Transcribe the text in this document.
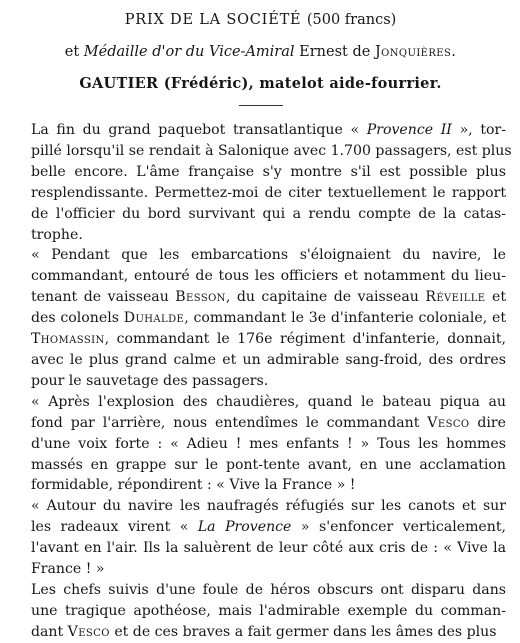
PRIX DE LA SOCIÉTÉ (500 francs)
et Médaille d'or du Vice-Amiral Ernest de Jonquières.
GAUTIER (Frédéric), matelot aide-fourrier.
La fin du grand paquebot transatlantique « Provence II », tor-
pillé lorsqu'il se rendait à Salonique avec 1.700 passagers, est plus
belle encore. L'âme française s'y montre s'il est possible plus
resplendissante. Permettez-moi de citer textuellement le rapport
de l'officier du bord survivant qui a rendu compte de la catas-
trophe.
« Pendant que les embarcations s'éloignaient du navire, le
commandant, entouré de tous les officiers et notamment du lieu-
tenant de vaisseau Besson, du capitaine de vaisseau Réveille et
des colonels Duhalde, commandant le 3e d'infanterie coloniale, et
Thomassin, commandant le 176e régiment d'infanterie, donnait,
avec le plus grand calme et un admirable sang-froid, des ordres
pour le sauvetage des passagers.
« Après l'explosion des chaudières, quand le bateau piqua au
fond par l'arrière, nous entendîmes le commandant Vesco dire
d'une voix forte : « Adieu ! mes enfants ! » Tous les hommes
massés en grappe sur le pont-tente avant, en une acclamation
formidable, répondirent : « Vive la France » !
« Autour du navire les naufragés réfugiés sur les canots et sur
les radeaux virent « La Provence » s'enfoncer verticalement,
l'avant en l'air. Ils la saluèrent de leur côté aux cris de : « Vive la
France ! »
Les chefs suivis d'une foule de héros obscurs ont disparu dans
une tragique apothéose, mais l'admirable exemple du comman-
dant Vesco et de ces braves a fait germer dans les âmes des plus
